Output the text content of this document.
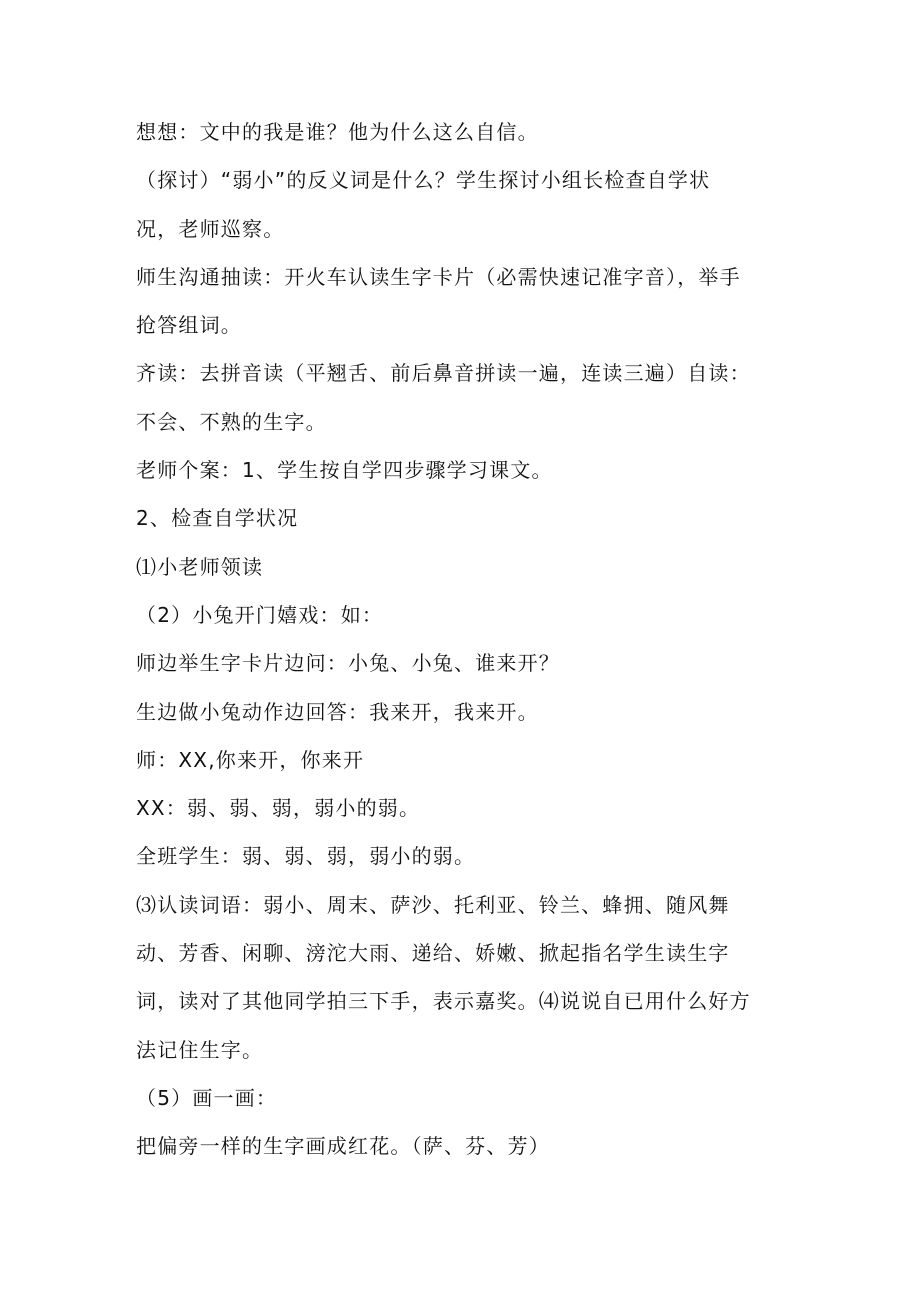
想想：文中的我是谁？他为什么这么自信。
（探讨）“弱小”的反义词是什么？学生探讨小组长检查自学状
况，老师巡察。
师生沟通抽读：开火车认读生字卡片（必需快速记准字音），举手
抢答组词。
齐读：去拼音读（平翘舌、前后鼻音拼读一遍，连读三遍）自读：
不会、不熟的生字。
老师个案：1、学生按自学四步骤学习课文。
2、检查自学状况
⑴小老师领读
（2）小兔开门嬉戏：如：
师边举生字卡片边问：小兔、小兔、谁来开？
生边做小兔动作边回答：我来开，我来开。
师：XX,你来开，你来开
XX：弱、弱、弱，弱小的弱。
全班学生：弱、弱、弱，弱小的弱。
⑶认读词语：弱小、周末、萨沙、托利亚、铃兰、蜂拥、随风舞
动、芳香、闲聊、滂沱大雨、递给、娇嫩、掀起指名学生读生字
词，读对了其他同学拍三下手，表示嘉奖。⑷说说自已用什么好方
法记住生字。
（5）画一画：
把偏旁一样的生字画成红花。（萨、芬、芳）
